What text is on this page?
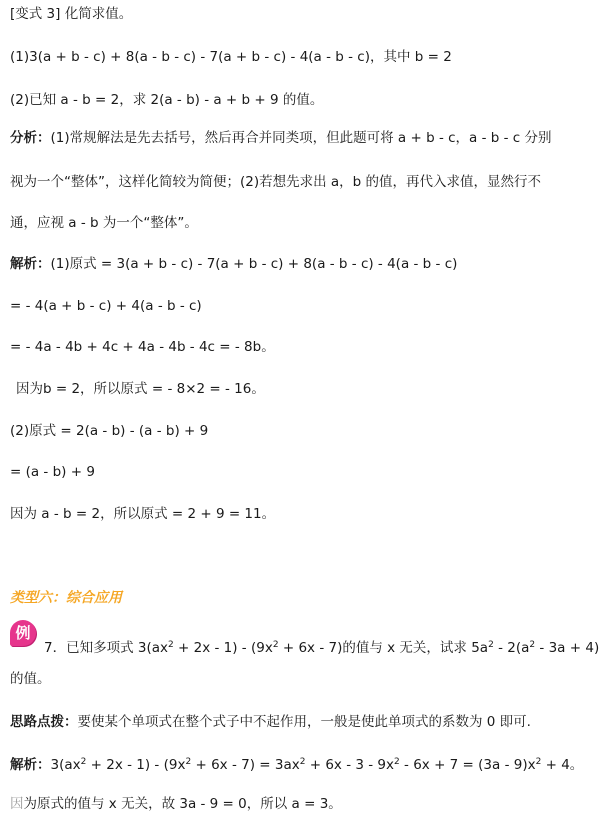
[变式 3] 化简求值。
(1)3(a + b - c) + 8(a - b - c) - 7(a + b - c) - 4(a - b - c)，其中 b = 2
(2)已知 a - b = 2，求 2(a - b) - a + b + 9 的值。
分析：(1)常规解法是先去括号，然后再合并同类项，但此题可将 a + b - c，a - b - c 分别
视为一个“整体”，这样化简较为简便；(2)若想先求出 a，b 的值，再代入求值，显然行不
通，应视 a - b 为一个“整体”。
解析：(1)原式 = 3(a + b - c) - 7(a + b - c) + 8(a - b - c) - 4(a - b - c)
= - 4(a + b - c) + 4(a - b - c)
= - 4a - 4b + 4c + 4a - 4b - 4c = - 8b。
因为b = 2，所以原式 = - 8×2 = - 16。
(2)原式 = 2(a - b) - (a - b) + 9
= (a - b) + 9
因为 a - b = 2，所以原式 = 2 + 9 = 11。
类型六：综合应用
例
7．已知多项式 $3(ax^2 + 2x - 1) - (9x^2 + 6x - 7)$的值与 x 无关，试求 $5a^2 - 2(a^2 - 3a + 4)$
的值。
思路点拨：要使某个单项式在整个式子中不起作用，一般是使此单项式的系数为 0 即可.
解析：$3(ax^2 + 2x - 1) - (9x^2 + 6x - 7) = 3ax^2 + 6x - 3 - 9x^2 - 6x + 7 = (3a - 9)x^2 + 4$。
因为原式的值与 x 无关，故 3a - 9 = 0，所以 a = 3。
